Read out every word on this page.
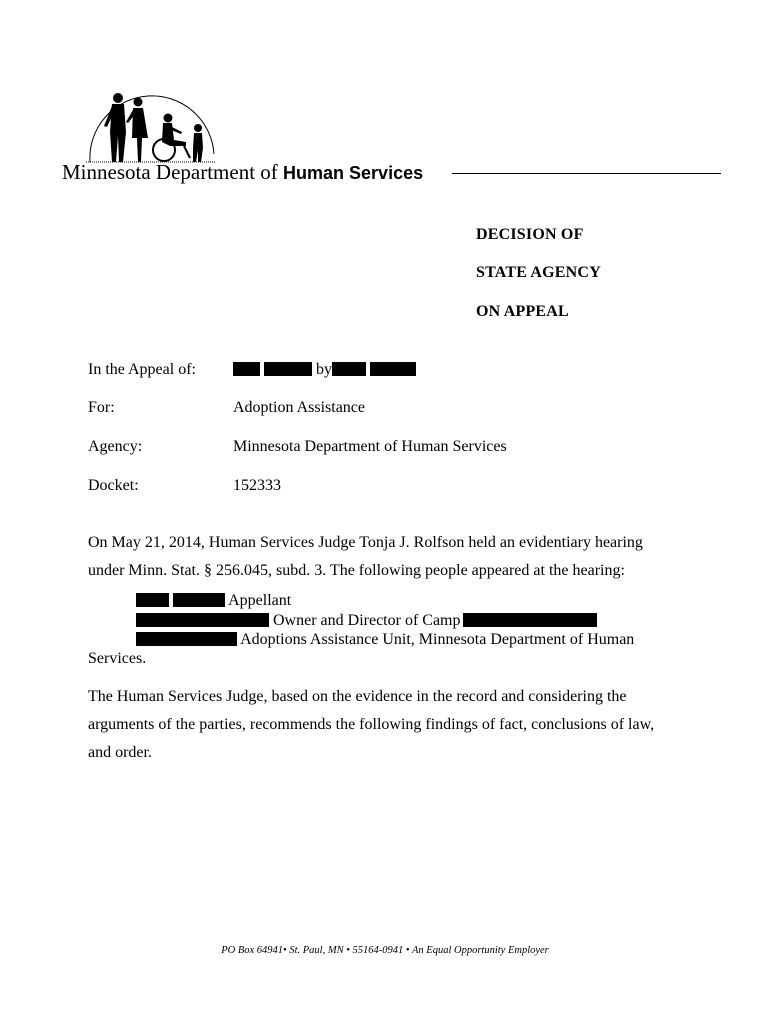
Minnesota Department of Human Services
DECISION OF
STATE AGENCY
ON APPEAL
In the Appeal of:	by
For:	Adoption Assistance
Agency:	Minnesota Department of Human Services
Docket:	152333
On May 21, 2014, Human Services Judge Tonja J. Rolfson held an evidentiary hearing
under Minn. Stat. § 256.045, subd. 3. The following people appeared at the hearing:
Appellant
Owner and Director of Camp
Adoptions Assistance Unit, Minnesota Department of Human
Services.
The Human Services Judge, based on the evidence in the record and considering the
arguments of the parties, recommends the following findings of fact, conclusions of law,
and order.
PO Box 64941• St. Paul, MN • 55164-0941 • An Equal Opportunity Employer
